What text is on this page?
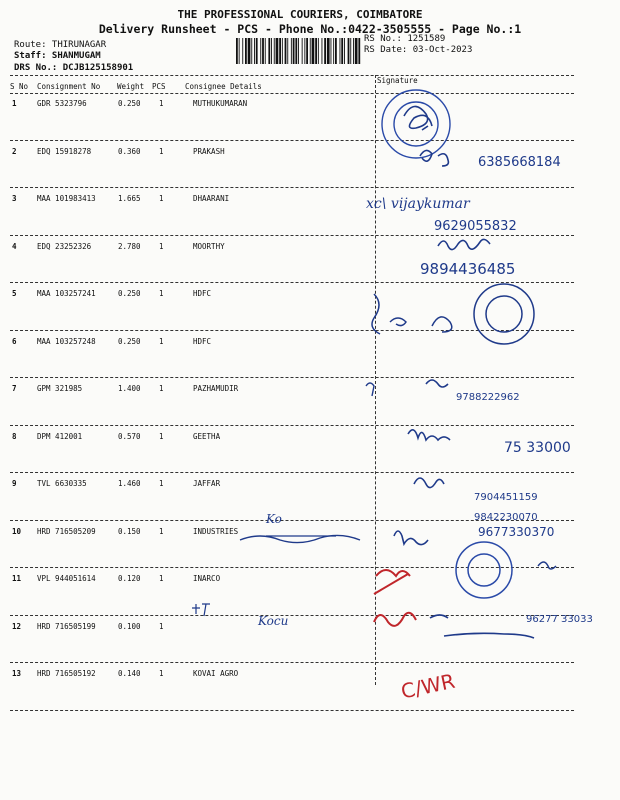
THE PROFESSIONAL COURIERS, COIMBATORE
Delivery Runsheet - PCS - Phone No.:0422-3505555 - Page No.:1
Route: THIRUNAGAR
Staff: SHANMUGAM
DRS No.: DCJB125158901
RS No.: 1251589
RS Date: 03-Oct-2023
S No Consignment No Weight PCS	Consignee Details
Signature
1	GDR 5323796	0.250 1	MUTHUKUMARAN
2	EDQ 15918278	0.360 1	PRAKASH
3	MAA 101983413	1.665 1	DHAARANI
4	EDQ 23252326	2.780 1	MOORTHY
5	MAA 103257241	0.250 1	HDFC
6	MAA 103257248	0.250 1	HDFC
7	GPM 321985	1.400 1	PAZHAMUDIR
8	DPM 412001	0.570 1	GEETHA
9	TVL 6630335	1.460 1	JAFFAR
10 HRD 716505209	0.150 1	INDUSTRIES
11 VPL 944051614	0.120 1	INARCO
12 HRD 716505199	0.100 1
13 HRD 716505192	0.140 1	KOVAI AGRO
6385668184
xc\ vijaykumar
9629055832
9894436485
9788222962
75 33000
7904451159
9842230070
9677330370
96277 33033
C/WR
Ko
Kocu
